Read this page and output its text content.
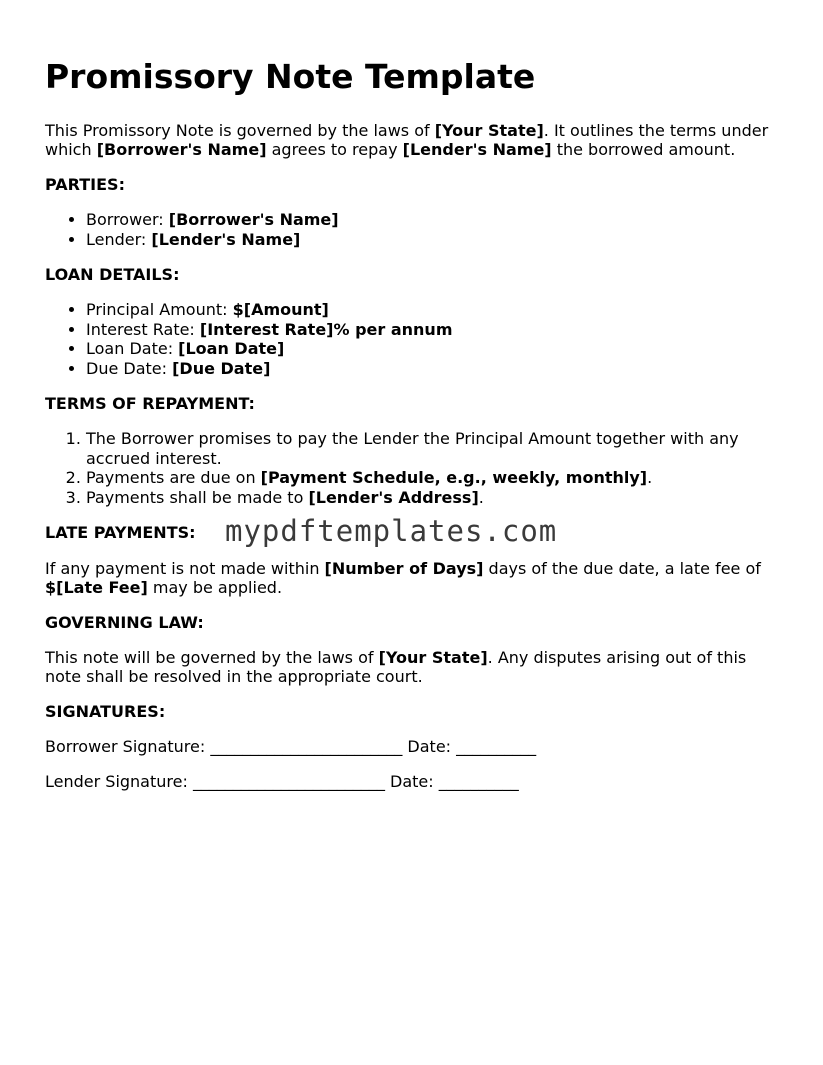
Promissory Note Template

This Promissory Note is governed by the laws of [Your State]. It outlines the terms under which [Borrower's Name] agrees to repay [Lender's Name] the borrowed amount.

PARTIES:
• Borrower: [Borrower's Name]
• Lender: [Lender's Name]
LOAN DETAILS:
• Principal Amount: $[Amount]
• Interest Rate: [Interest Rate]% per annum
• Loan Date: [Loan Date]
• Due Date: [Due Date]
TERMS OF REPAYMENT:
1. The Borrower promises to pay the Lender the Principal Amount together with any accrued interest.
2. Payments are due on [Payment Schedule, e.g., weekly, monthly].
3. Payments shall be made to [Lender's Address].
LATE PAYMENTS:	mypdftemplates.com

If any payment is not made within [Number of Days] days of the due date, a late fee of $[Late Fee] may be applied.

GOVERNING LAW:

This note will be governed by the laws of [Your State]. Any disputes arising out of this note shall be resolved in the appropriate court.

SIGNATURES:
Borrower Signature: ________________________ Date: __________
Lender Signature: ________________________ Date: __________
